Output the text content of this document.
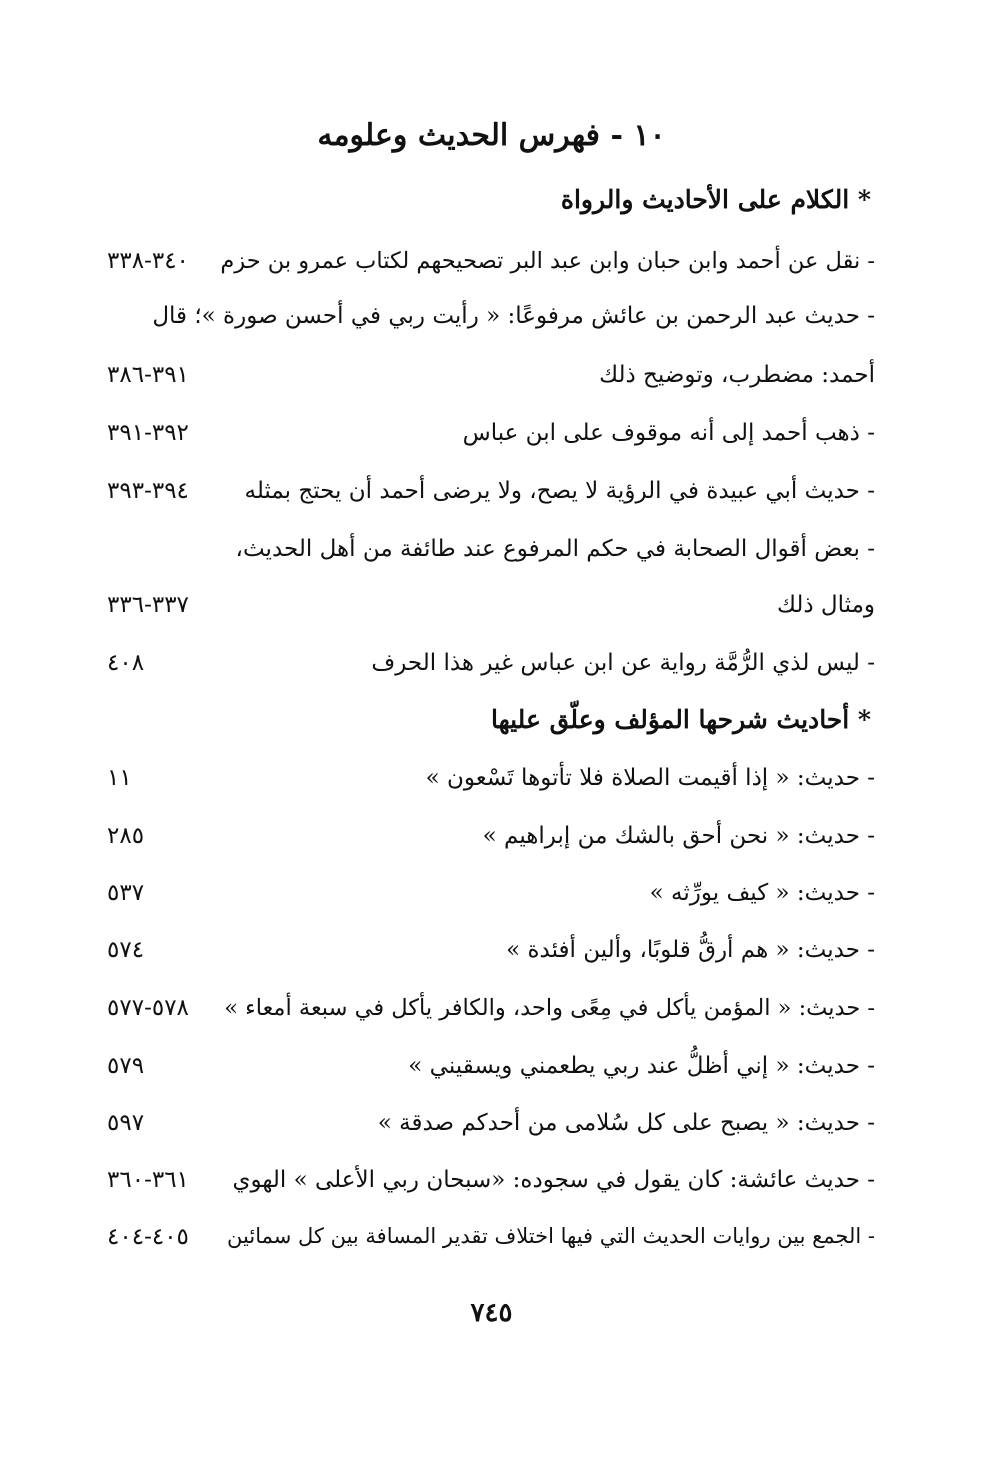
١٠ - فهرس الحديث وعلومه
* الكلام على الأحاديث والرواة
- نقل عن أحمد وابن حبان وابن عبد البر تصحيحهم لكتاب عمرو بن حزم
٣٤٠-٣٣٨
- حديث عبد الرحمن بن عائش مرفوعًا: « رأيت ربي في أحسن صورة »؛ قال
أحمد: مضطرب، وتوضيح ذلك
٣٩١-٣٨٦
- ذهب أحمد إلى أنه موقوف على ابن عباس
٣٩٢-٣٩١
- حديث أبي عبيدة في الرؤية لا يصح، ولا يرضى أحمد أن يحتج بمثله
٣٩٤-٣٩٣
- بعض أقوال الصحابة في حكم المرفوع عند طائفة من أهل الحديث،
ومثال ذلك
٣٣٧-٣٣٦
- ليس لذي الرُّمَّة رواية عن ابن عباس غير هذا الحرف
٤٠٨
* أحاديث شرحها المؤلف وعلّق عليها
- حديث: « إذا أقيمت الصلاة فلا تأتوها تَسْعون »
١١
- حديث: « نحن أحق بالشك من إبراهيم »
٢٨٥
- حديث: « كيف يورِّثه »
٥٣٧
- حديث: « هم أرقُّ قلوبًا، وألين أفئدة »
٥٧٤
- حديث: « المؤمن يأكل في مِعًى واحد، والكافر يأكل في سبعة أمعاء »
٥٧٨-٥٧٧
- حديث: « إني أظلُّ عند ربي يطعمني ويسقيني »
٥٧٩
- حديث: « يصبح على كل سُلامى من أحدكم صدقة »
٥٩٧
- حديث عائشة: كان يقول في سجوده: «سبحان ربي الأعلى » الهوي
٣٦١-٣٦٠
- الجمع بين روايات الحديث التي فيها اختلاف تقدير المسافة بين كل سمائين
٤٠٥-٤٠٤
٧٤٥
